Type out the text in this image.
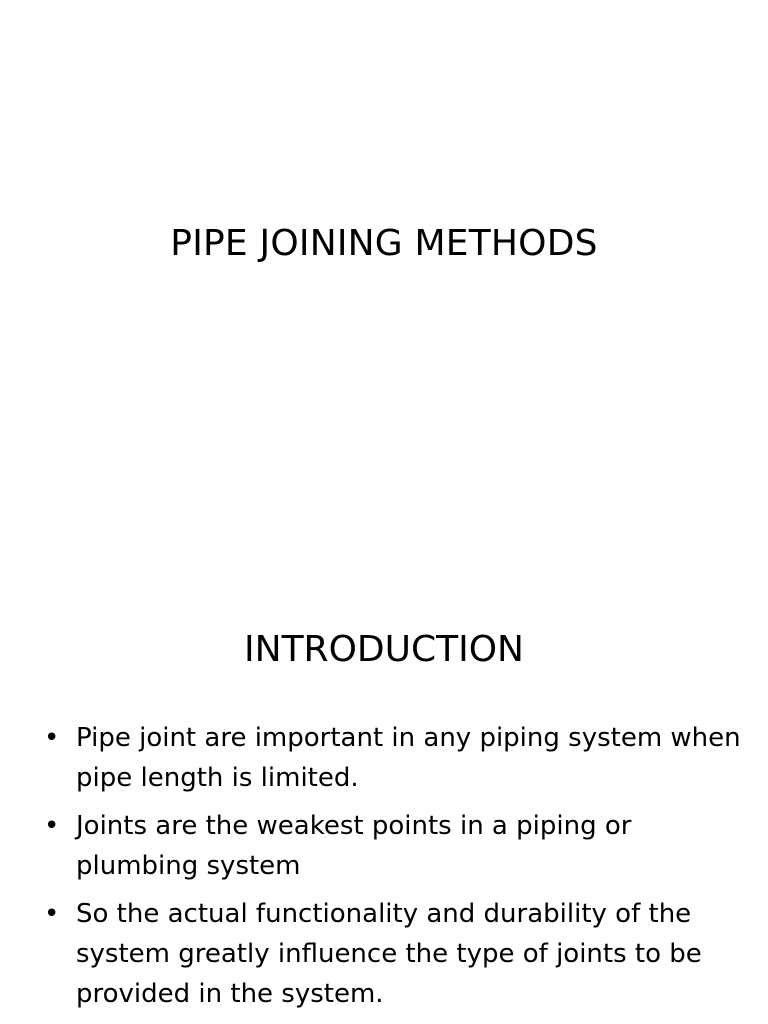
PIPE JOINING METHODS
INTRODUCTION
• Pipe joint are important in any piping system when pipe length is limited.
• Joints are the weakest points in a piping or plumbing system
• So the actual functionality and durability of the system greatly influence the type of joints to be provided in the system.
